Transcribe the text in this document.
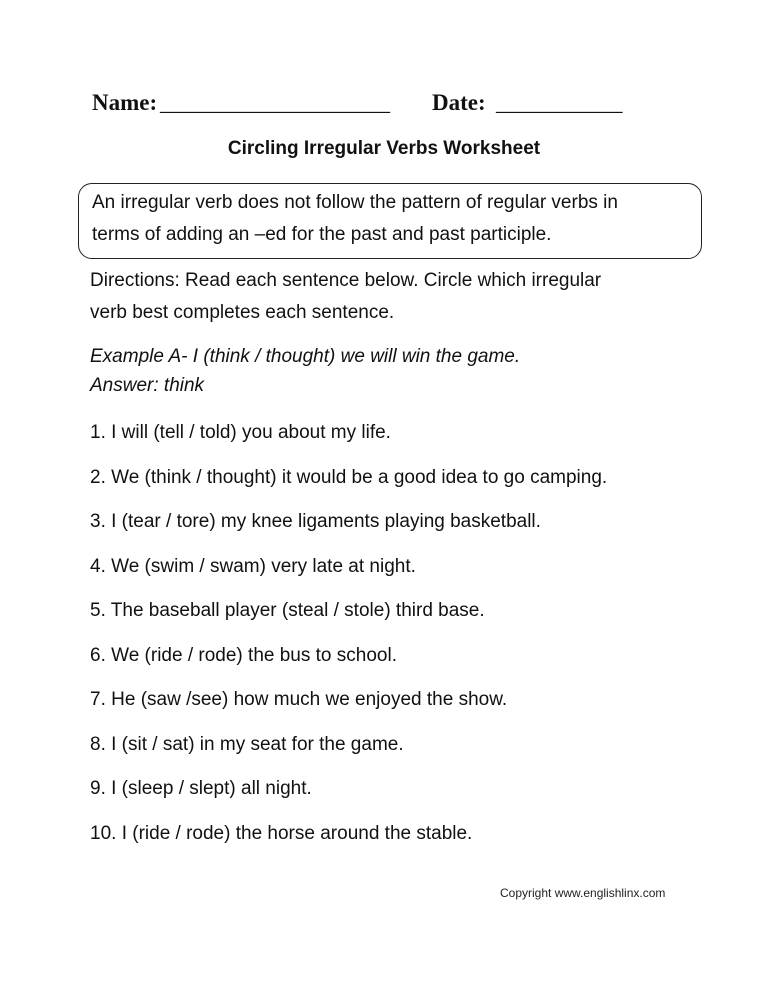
Name: ____________________ Date: ___________
Circling Irregular Verbs Worksheet
An irregular verb does not follow the pattern of regular verbs in
terms of adding an –ed for the past and past participle.
Directions: Read each sentence below. Circle which irregular
verb best completes each sentence.
Example A- I (think / thought) we will win the game.
Answer: think
1. I will (tell / told) you about my life.
2. We (think / thought) it would be a good idea to go camping.
3. I (tear / tore) my knee ligaments playing basketball.
4. We (swim / swam) very late at night.
5. The baseball player (steal / stole) third base.
6. We (ride / rode) the bus to school.
7. He (saw /see) how much we enjoyed the show.
8. I (sit / sat) in my seat for the game.
9. I (sleep / slept) all night.
10. I (ride / rode) the horse around the stable.
Copyright www.englishlinx.com
